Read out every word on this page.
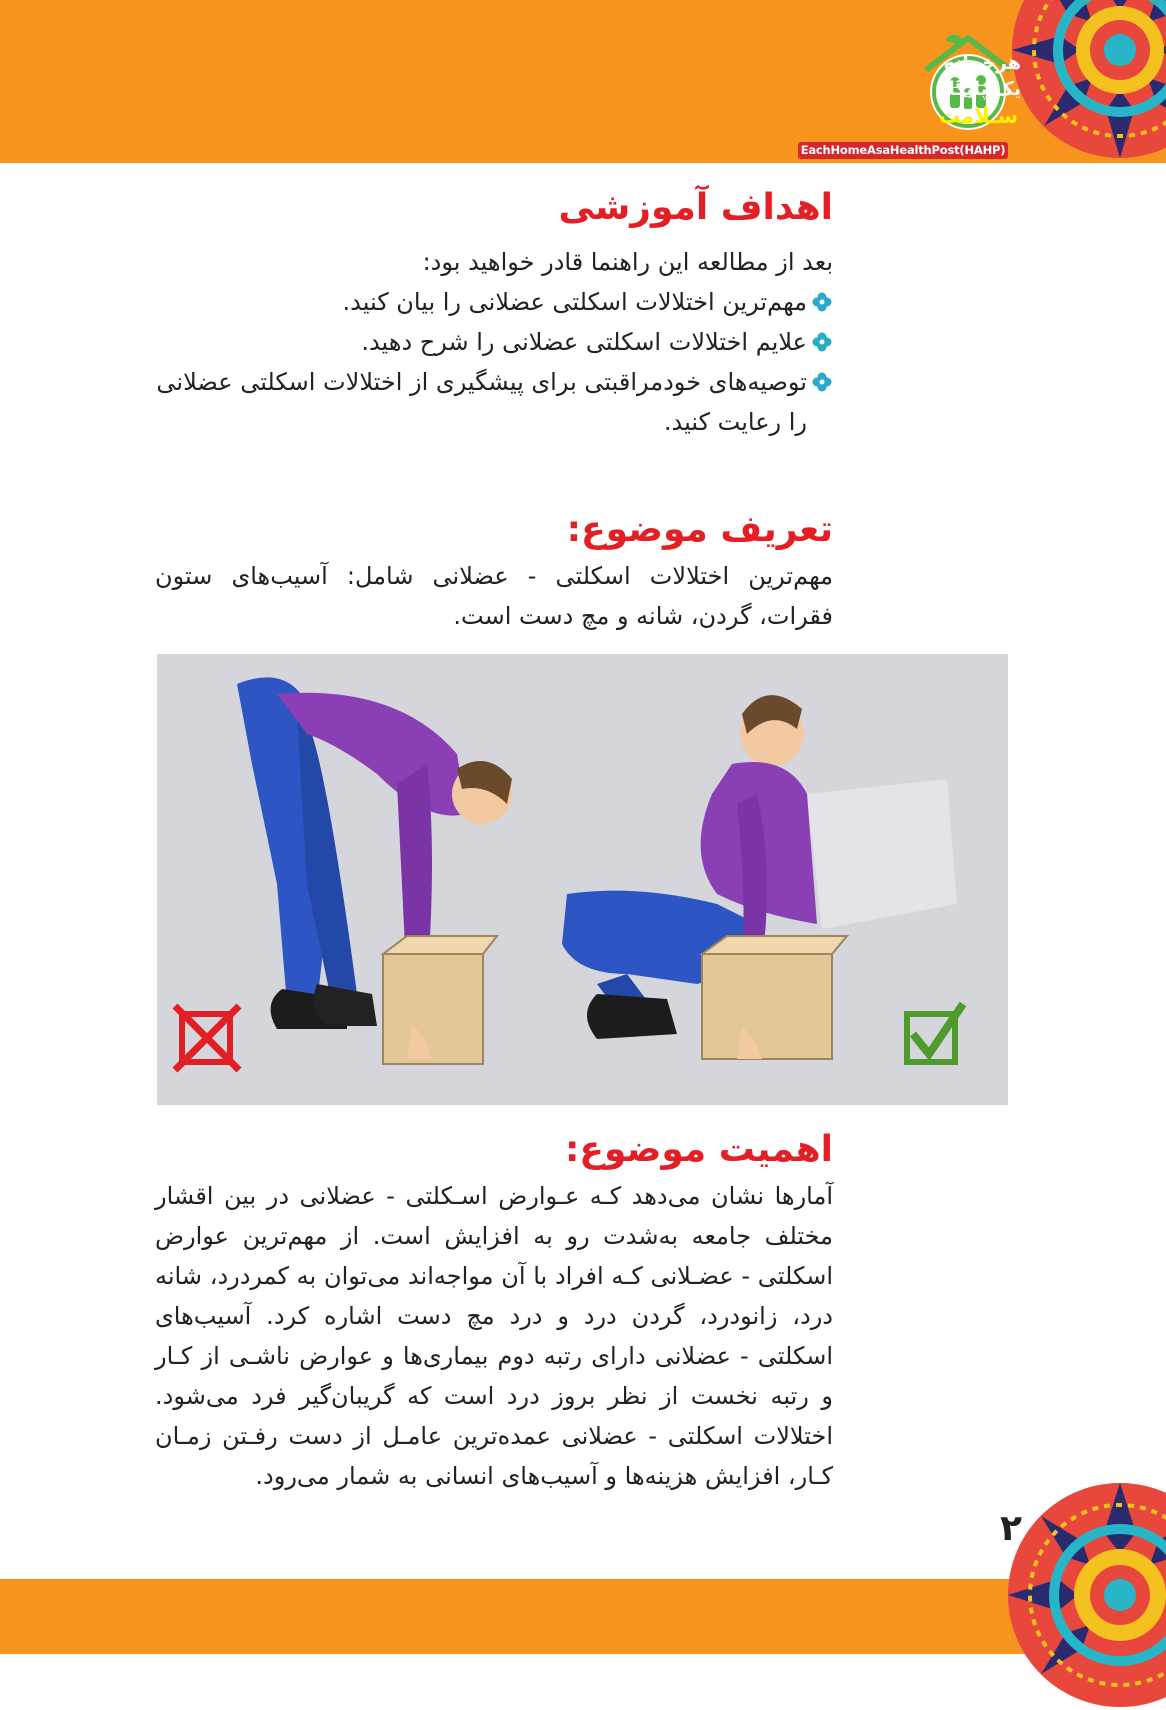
هرخــانه
یک پایگاه
سـلامت
EachHomeAsaHealthPost(HAHP)
اهداف آموزشی

بعد از مطالعه این راهنما قادر خواهید بود:

مهم‌ترین اختلالات اسکلتی عضلانی را بیان کنید.
علایم اختلالات اسکلتی عضلانی را شرح دهید.
توصیه‌های خودمراقبتی برای پیشگیری از اختلالات اسکلتی عضلانی را رعایت کنید.
تعریف موضوع:

مهم‌ترین اختلالات اسکلتی - عضلانی شامل: آسیب‌های ستون فقرات، گردن، شانه و مچ دست است.

اهمیت موضوع:

آمارها نشان می‌دهد کـه عـوارض اسـکلتی - عضلانی در بین اقشار مختلف جامعه به‌شدت رو به افزایش است. از مهم‌ترین عوارض اسکلتی - عضـلانی کـه افراد با آن مواجه‌اند می‌توان به کمردرد، شانه درد، زانودرد، گردن درد و درد مچ دست اشاره کرد. آسیب‌های اسکلتی - عضلانی دارای رتبه دوم بیماری‌ها و عوارض ناشـی از کـار و رتبه نخست از نظر بروز درد است که گریبان‌گیر فرد می‌شود. اختلالات اسکلتی - عضلانی عمده‌ترین عامـل از دست رفـتن زمـان کـار، افزایش هزینه‌ها و آسیب‌های انسانی به شمار می‌رود.

۲
